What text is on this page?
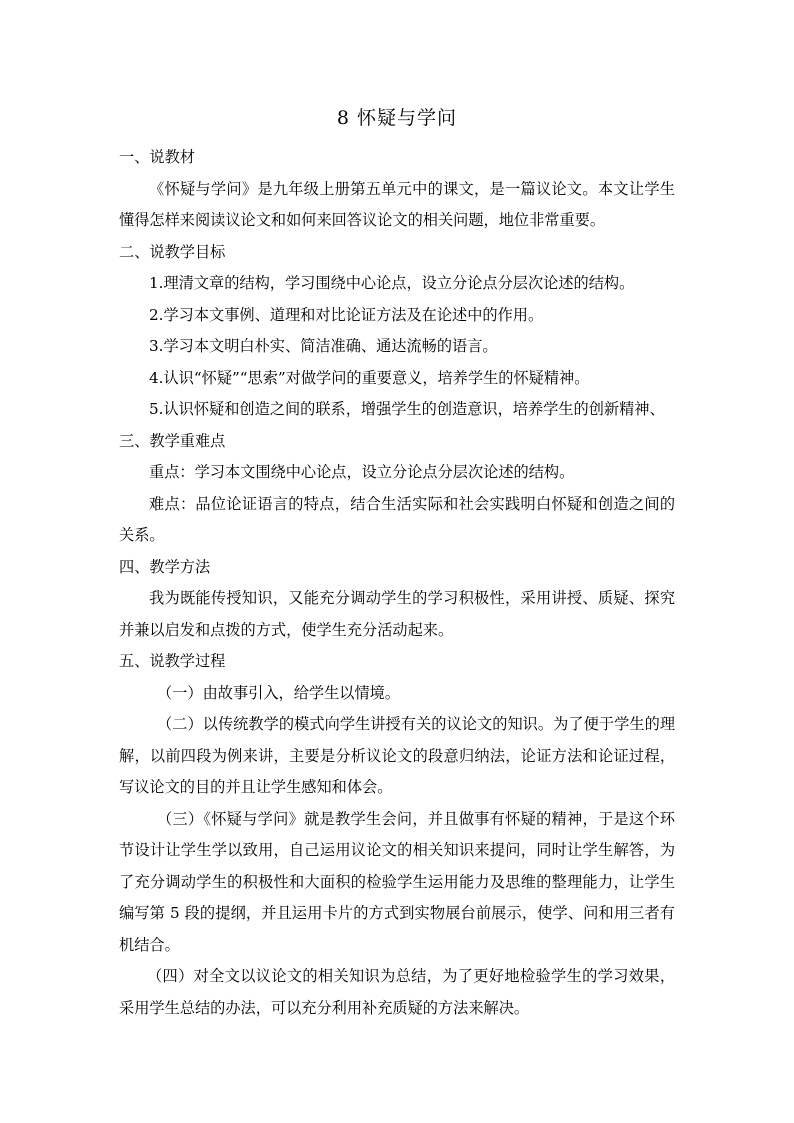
8 怀疑与学问

一、说教材

《怀疑与学问》是九年级上册第五单元中的课文，是一篇议论文。本文让学生懂得怎样来阅读议论文和如何来回答议论文的相关问题，地位非常重要。

二、说教学目标

1.理清文章的结构，学习围绕中心论点，设立分论点分层次论述的结构。

2.学习本文事例、道理和对比论证方法及在论述中的作用。

3.学习本文明白朴实、简洁准确、通达流畅的语言。

4.认识“怀疑”“思索”对做学问的重要意义，培养学生的怀疑精神。

5.认识怀疑和创造之间的联系，增强学生的创造意识，培养学生的创新精神、

三、教学重难点

重点：学习本文围绕中心论点，设立分论点分层次论述的结构。

难点：品位论证语言的特点，结合生活实际和社会实践明白怀疑和创造之间的关系。

四、教学方法

我为既能传授知识，又能充分调动学生的学习积极性，采用讲授、质疑、探究并兼以启发和点拨的方式，使学生充分活动起来。

五、说教学过程

（一）由故事引入，给学生以情境。

（二）以传统教学的模式向学生讲授有关的议论文的知识。为了便于学生的理解，以前四段为例来讲，主要是分析议论文的段意归纳法，论证方法和论证过程，写议论文的目的并且让学生感知和体会。

（三）《怀疑与学问》就是教学生会问，并且做事有怀疑的精神，于是这个环节设计让学生学以致用，自己运用议论文的相关知识来提问，同时让学生解答，为了充分调动学生的积极性和大面积的检验学生运用能力及思维的整理能力，让学生编写第 5 段的提纲，并且运用卡片的方式到实物展台前展示，使学、问和用三者有机结合。

（四）对全文以议论文的相关知识为总结，为了更好地检验学生的学习效果，采用学生总结的办法，可以充分利用补充质疑的方法来解决。
